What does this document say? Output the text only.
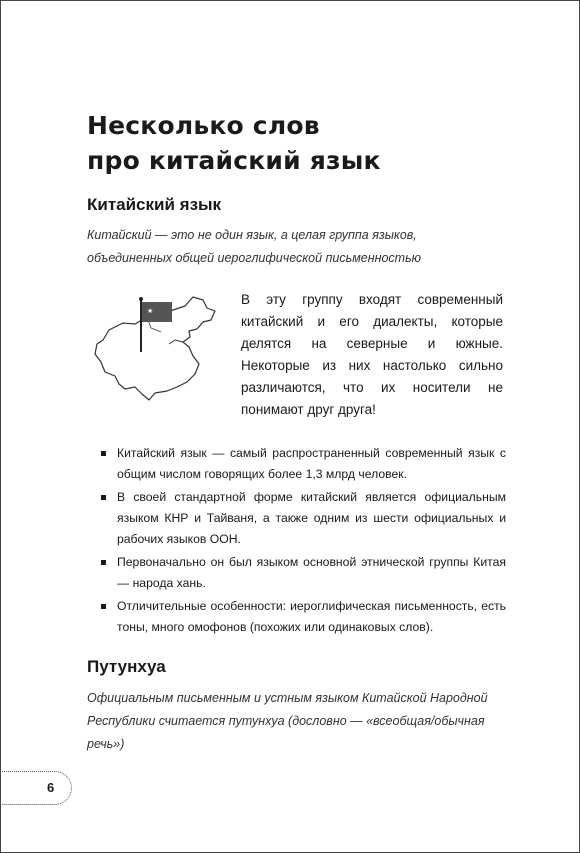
Несколько слов
про китайский язык
Китайский язык

Китайский — это не один язык, а целая группа языков,
объединенных общей иероглифической письменностью

★

В эту группу входят современный китайский и его диалекты, которые делятся на северные и южные. Некоторые из них настолько сильно различаются, что их носители не понимают друг друга!

Китайский язык — самый распространенный современный язык с общим числом говорящих более 1,3 млрд человек.
В своей стандартной форме китайский является официальным языком КНР и Тайваня, а также одним из шести официальных и рабочих языков ООН.
Первоначально он был языком основной этнической группы Китая — народа хань.
Отличительные особенности: иероглифическая письменность, есть тоны, много омофонов (похожих или одинаковых слов).
Путунхуа

Официальным письменным и устным языком Китайской Народной
Республики считается путунхуа (дословно — «всеобщая/обычная
речь»)

6
